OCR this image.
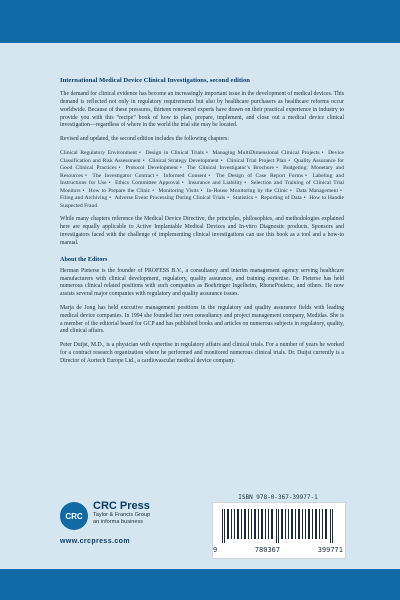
International Medical Device Clinical Investigations, second edition

The demand for clinical evidence has become an increasingly important issue in the development of medical devices. This demand is reflected not only in regulatory requirements but also by healthcare purchasers as healthcare reforms occur worldwide. Because of these pressures, thirteen renowned experts have drawn on their practical experience in industry to provide you with this “recipe” book of how to plan, prepare, implement, and close out a medical device clinical investigation—regardless of where in the world the trial site may be located.

Revised and updated, the second edition includes the following chapters:

Clinical Regulatory Environment • Design in Clinical Trials • Managing MultiDimensional Clinical Projects • Device Classification and Risk Assessment • Clinical Strategy Development • Clinical Trial Project Plan • Quality Assurance for Good Clinical Practices • Protocol Development • The Clinical Investigator’s Brochure • Budgeting: Monetary and Resources • The Investigator Contract • Informed Consent • The Design of Case Report Forms • Labeling and Instructions for Use • Ethics Committee Approval • Insurance and Liability • Selection and Training of Clinical Trial Monitors • How to Prepare the Clinic • Monitoring Visits • In-House Monitoring by the Clinic • Data Management • Filing and Archiving • Adverse Event Processing During Clinical Trials • Statistics • Reporting of Data • How to Handle Suspected Fraud

While many chapters reference the Medical Device Directive, the principles, philosophies, and methodologies explained here are equally applicable to Active Implantable Medical Devices and In-vitro Diagnostic products. Sponsors and investigators faced with the challenge of implementing clinical investigations can use this book as a tool and a how-to manual.

About the Editors

Herman Pieterse is the founder of PROFESS B.V., a consultancy and interim management agency serving healthcare manufacturers with clinical development, regulatory, quality assurance, and training expertise. Dr. Pieterse has held numerous clinical related positions with such companies as Boehringer Ingelheim, RhonePoulenc, and others. He now assists several major companies with regulatory and quality assurance issues.

Marja de Jong has held executive management positions in the regulatory and quality assurance fields with leading medical device companies. In 1994 she founded her own consultancy and project management company, Medidas. She is a member of the editorial board for GCP and has published books and articles on numerous subjects in regulatory, quality, and clinical affairs.

Peter Duijst, M.D., is a physician with expertise in regulatory affairs and clinical trials. For a number of years he worked for a contract research organization where he performed and monitored numerous clinical trials. Dr. Duijst currently is a Director of Aortech Europe Ltd., a cardiovascular medical device company.

CRC

CRC Press

Taylor & Francis Group

an informa business

www.crcpress.com
ISBN 978-0-367-39977-1
9	780367	399771
